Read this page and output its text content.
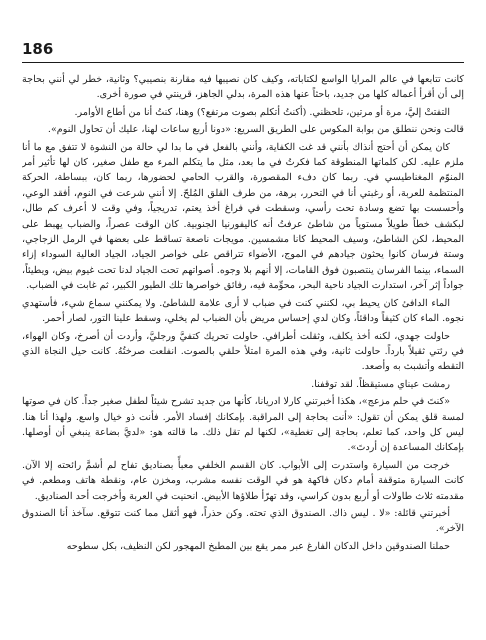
186

كانت تتابعها في عالم المرايا الواسع لكتاباته، وكيف كان نصيبها فيه مقارنة بنصيبي؟ وثانية، خطر لي أنني بحاجة إلى أن أقرأ أعماله كلها من جديد، باحثاً عنها هذه المرة، بدلي الجاهز، قرينتي في صورة أخرى.

التفتتْ إليَّ، مرة أو مرتين، تلحظني. (أكنتُ أتكلم بصوت مرتفع؟) وهنا، كنتُ أنا من أطاع الأوامر.

قالت ونحن ننطلق من بوابة المكوس على الطريق السريع: «دونا أربع ساعات لهنا، عليك أن تحاول النوم».

كان يمكن أن أحتج أنذاك بأنني قد غت الكفاية، وأنني بالفعل في ما بدا لي حالة من النشوة لا تتفق مع ما أنا ملزم عليه. لكن كلماتها المنطوقة كما فكرتُ في ما بعد، مثل ما يتكلم المرء مع طفل صغير، كان لها تأثير أمر المنوّم المغناطيسي في. ربما كان دفء المقصورة، والقرب الحامي لحضورها، ربما كان، ببساطة، الحركة المنتظمة للعربة، أو رغبتي أنا في التحرر، برهة، من طرف القلق المُلحّ. إلا أنني شرعت في النوم، أفقد الوعي، وأحسست بها تضع وسادة تحت رأسي، وسقطت في فراغ أخذ يعتم، تدريجياً، وفي وقت لا أعرف كم طال، لبكشف خطاً طويلاً مستوياً من شاطئ عرفتُ أنه كاليفورنيا الجنوبية. كان الوقت عصراً، والضباب يهبط على المحيط، لكن الشاطئ، وسيف المحيط كانا مشمسين. مويجات ناصعة تساقط على بعضها في الرمل الزجاجي، وستة فرسان كانوا يحثون جيادهم في الموج، الأضواء تتراقص على خواصر الجياد، الجياد العالية السوداء إزاء السماء، بينما الفرسان ينتصبون فوق القامات، إلا أنهم بلا وجوه. أصواتهم تحت الجياد لدنا تحت غيوم بيض، ويطيئاً، جواداً إثر آخر، استدارت الجياد ناحية البحر، محوِّمة فيه، رفائق خواصرها تلك الطيور الكبير، ثم غابت في الضباب.

الماء الدافئ كان يحيط بي، لكنني كنت في ضباب لا أرى علامة للشاطئ. ولا يمكنني سماع شيء، فأستهدي نجوه. الماء كان كثيفاً وداقئاً، وكان لدي إحساس مريض بأن الضباب لم يخلي، وسقط علينا التور، لصار أحمر.

حاولت جهدي، لكنه أخذ يكلف، وثقلت أطرافي. حاولت تحريك كتفيَّ ورجليَّ، وأردت أن أصرخ، وكان الهواء، في رئتي ثقيلاً بارداً. حاولت ثانية، وفي هذه المرة امتلأ حلقي بالصوت. انفلعت صرختُهُ. كانت حيل النجاة الذي التقطه وأتشبث به وأصعد.

رمشت عيناي مستيقظاً. لقد توقفنا.

«كنتَ في حلم مزعج»، هكذا أخبرتني كارلا ادريانا، كأنها من جديد تشرح شيئاً لطفل صغير جداً. كان في صوتها لمسة قلق يمكن أن تقول: «أنت بحاجة إلى المراقبة. بإمكانك إفساد الأمر. فأنت ذو خيال واسع. ولهذا أنا هنا. ليس كل واحد، كما تعلم، بحاجة إلى تغطية»، لكنها لم تقل ذلك. ما قالته هو: «لديَّ بضاعة ينبغي أن أوصلها. بإمكانك المساعدة إن أردتَ».

خرجت من السيارة واستدرت إلى الأبواب. كان القسم الخلفي معبأً بصناديق تفاح لم أشمَّ رائحته إلا الآن. كانت السيارة متوقفة أمام دكان فاكهة هو في الوقت نفسه مشرب، ومخزن عام، ونقطة هاتف ومطعم. في مقدمته ثلاث طاولات أو أربع بدون كراسي، وقد تهرّأ طلاؤها الأبيض. انحنيت في العربة وأخرجت أحد الصناديق.

أخبرتني قائلة: «لا . ليس ذاك. الصندوق الذي تحته. وكن حذراً، فهو أثقل مما كنت تتوقع. سآخذ أنا الصندوق الآخر».

حملنا الصندوقين داخل الدكان الفارغ عبر ممر يقع بين المطبخ المهجور لكن النظيف، بكل سطوحه
